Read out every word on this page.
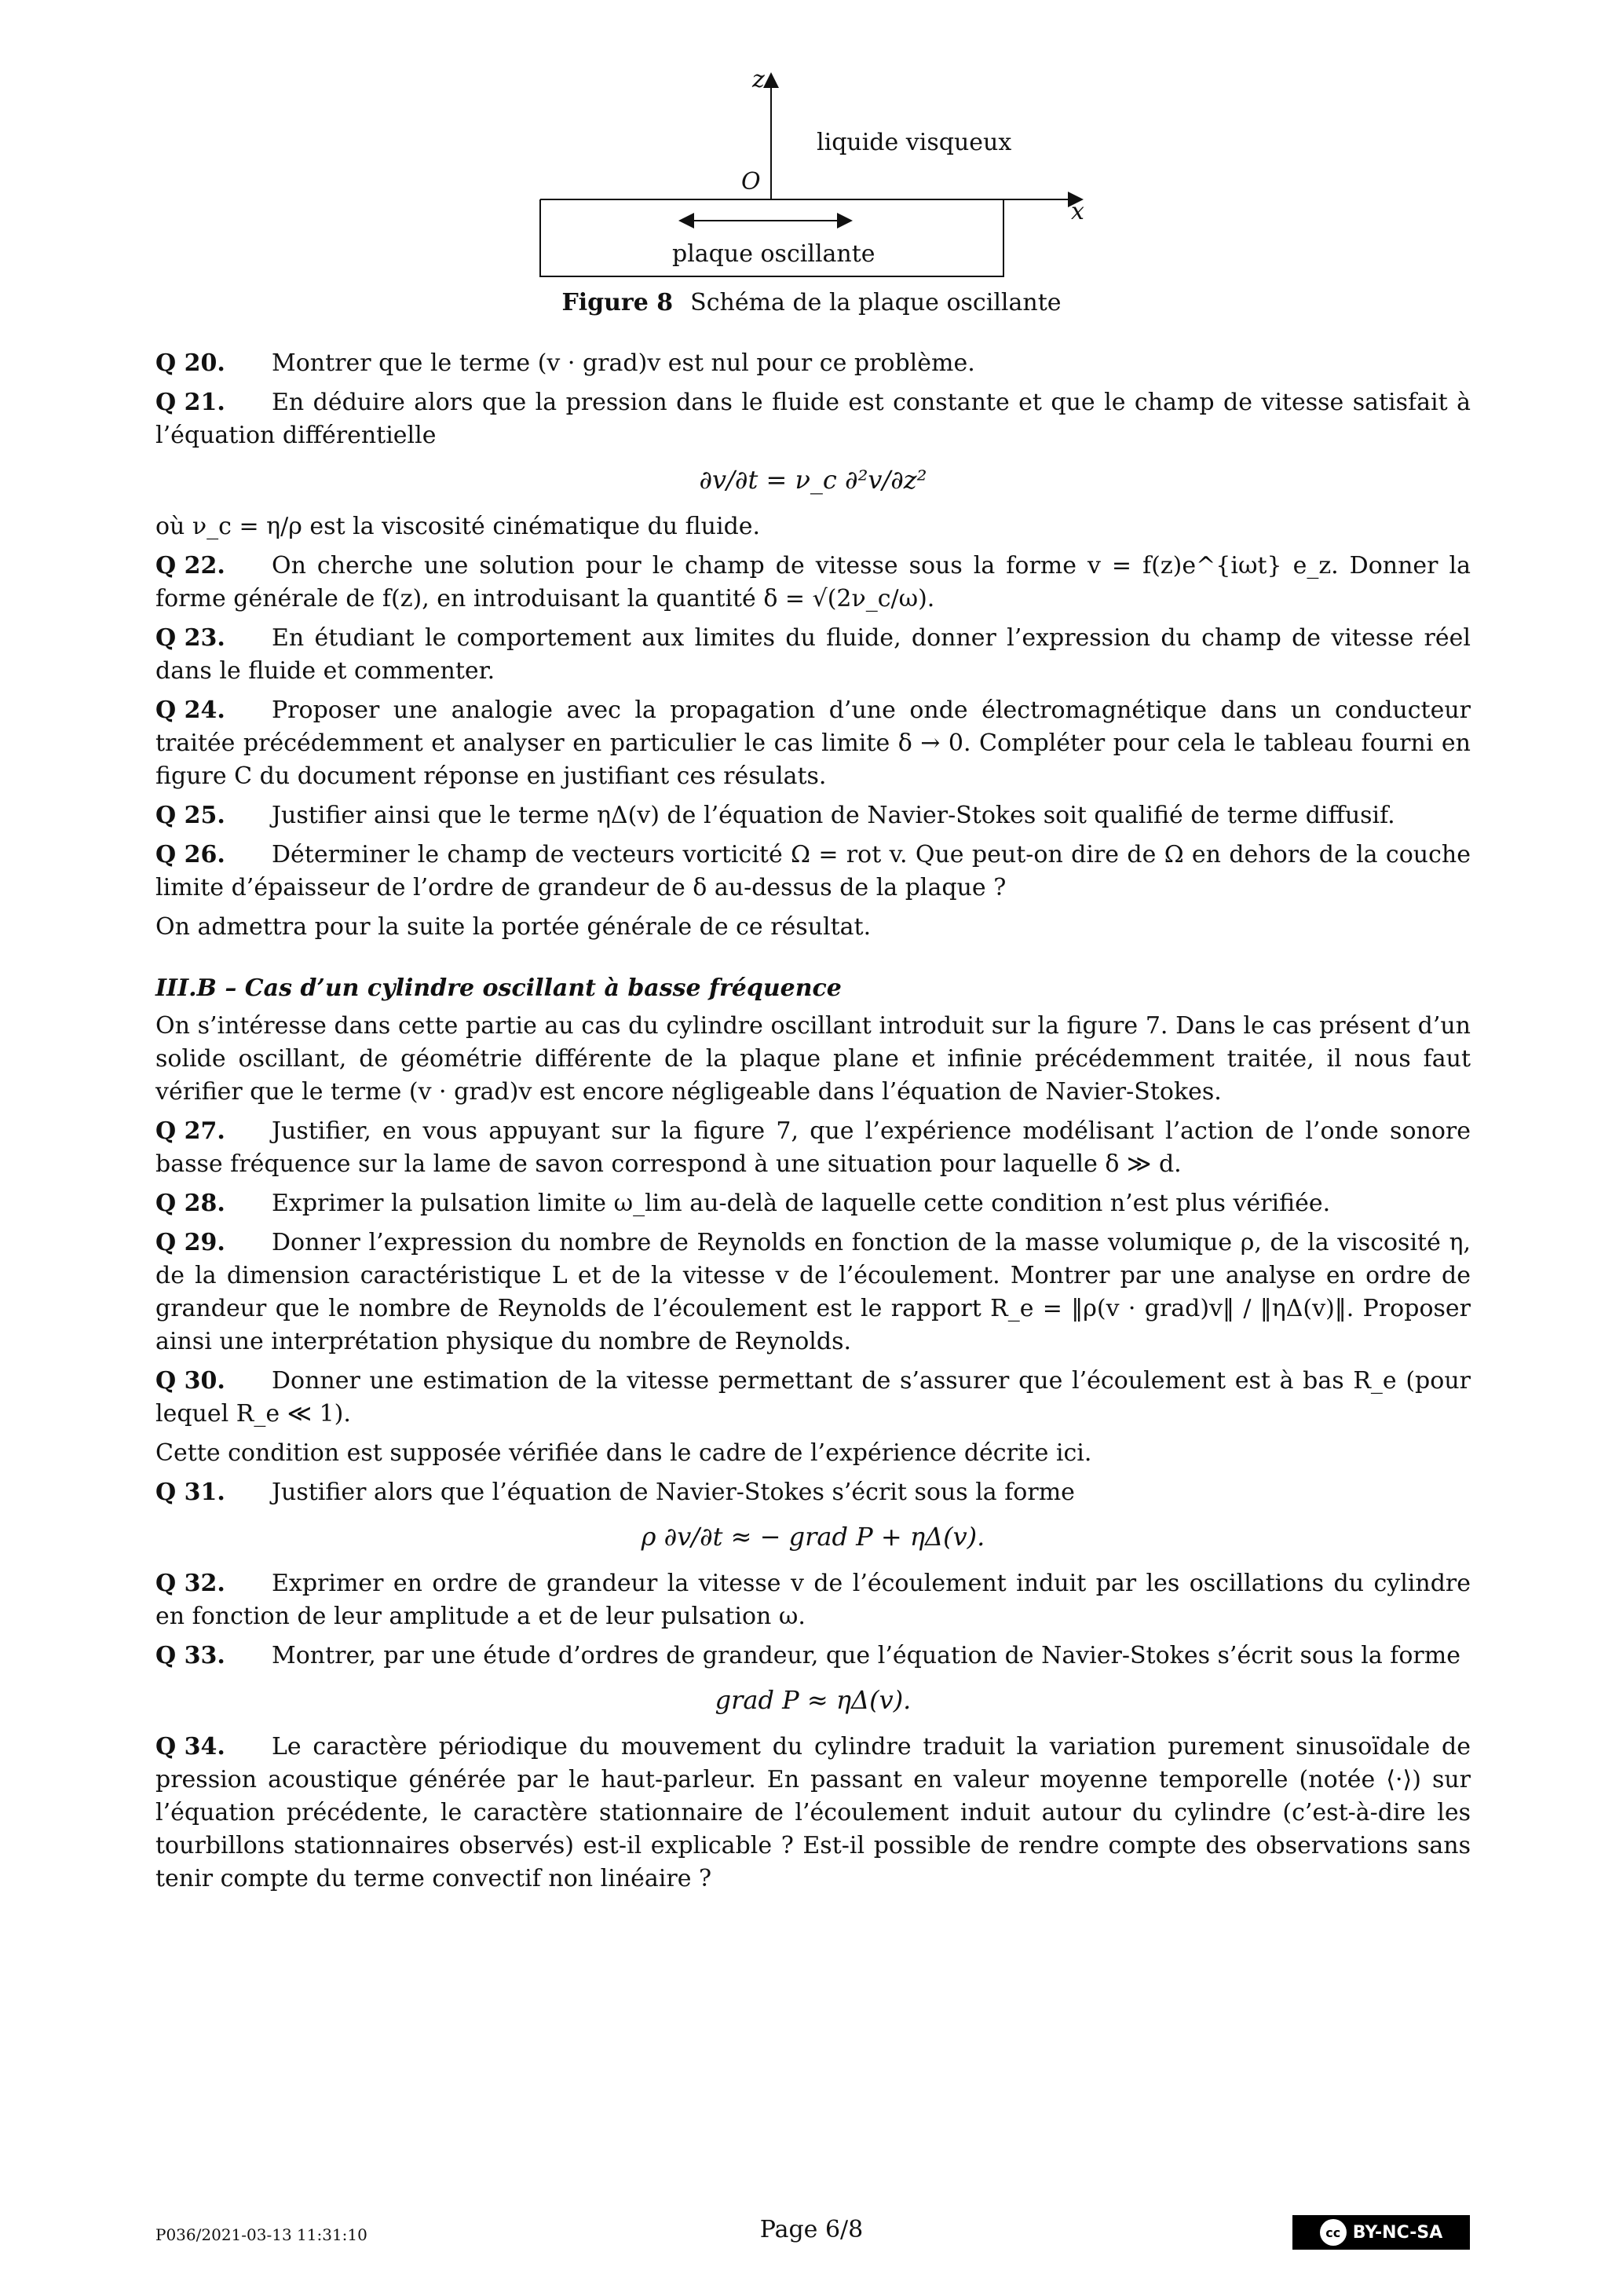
z
O
x
liquide visqueux
plaque oscillante
Figure 8 Schéma de la plaque oscillante
Q 20. Montrer que le terme (v · grad)v est nul pour ce problème.
Q 21. En déduire alors que la pression dans le fluide est constante et que le champ de vitesse satisfait à l’équation différentielle
∂v/∂t = ν_c ∂²v/∂z²
où ν_c = η/ρ est la viscosité cinématique du fluide.
Q 22. On cherche une solution pour le champ de vitesse sous la forme v = f(z)e^{iωt} e_z. Donner la forme générale de f(z), en introduisant la quantité δ = √(2ν_c/ω).
Q 23. En étudiant le comportement aux limites du fluide, donner l’expression du champ de vitesse réel dans le fluide et commenter.
Q 24. Proposer une analogie avec la propagation d’une onde électromagnétique dans un conducteur traitée précédemment et analyser en particulier le cas limite δ → 0. Compléter pour cela le tableau fourni en figure C du document réponse en justifiant ces résulats.
Q 25. Justifier ainsi que le terme ηΔ(v) de l’équation de Navier-Stokes soit qualifié de terme diffusif.
Q 26. Déterminer le champ de vecteurs vorticité Ω = rot v. Que peut-on dire de Ω en dehors de la couche limite d’épaisseur de l’ordre de grandeur de δ au-dessus de la plaque ?
On admettra pour la suite la portée générale de ce résultat.
III.B – Cas d’un cylindre oscillant à basse fréquence
On s’intéresse dans cette partie au cas du cylindre oscillant introduit sur la figure 7. Dans le cas présent d’un solide oscillant, de géométrie différente de la plaque plane et infinie précédemment traitée, il nous faut vérifier que le terme (v · grad)v est encore négligeable dans l’équation de Navier-Stokes.
Q 27. Justifier, en vous appuyant sur la figure 7, que l’expérience modélisant l’action de l’onde sonore basse fréquence sur la lame de savon correspond à une situation pour laquelle δ ≫ d.
Q 28. Exprimer la pulsation limite ω_lim au-delà de laquelle cette condition n’est plus vérifiée.
Q 29. Donner l’expression du nombre de Reynolds en fonction de la masse volumique ρ, de la viscosité η, de la dimension caractéristique L et de la vitesse v de l’écoulement. Montrer par une analyse en ordre de grandeur que le nombre de Reynolds de l’écoulement est le rapport R_e = ‖ρ(v · grad)v‖ / ‖ηΔ(v)‖. Proposer ainsi une interprétation physique du nombre de Reynolds.
Q 30. Donner une estimation de la vitesse permettant de s’assurer que l’écoulement est à bas R_e (pour lequel R_e ≪ 1).
Cette condition est supposée vérifiée dans le cadre de l’expérience décrite ici.
Q 31. Justifier alors que l’équation de Navier-Stokes s’écrit sous la forme
ρ ∂v/∂t ≈ − grad P + ηΔ(v).
Q 32. Exprimer en ordre de grandeur la vitesse v de l’écoulement induit par les oscillations du cylindre en fonction de leur amplitude a et de leur pulsation ω.
Q 33. Montrer, par une étude d’ordres de grandeur, que l’équation de Navier-Stokes s’écrit sous la forme
grad P ≈ ηΔ(v).
Q 34. Le caractère périodique du mouvement du cylindre traduit la variation purement sinusoïdale de pression acoustique générée par le haut-parleur. En passant en valeur moyenne temporelle (notée ⟨·⟩) sur l’équation précédente, le caractère stationnaire de l’écoulement induit autour du cylindre (c’est-à-dire les tourbillons stationnaires observés) est-il explicable ? Est-il possible de rendre compte des observations sans tenir compte du terme convectif non linéaire ?
P036/2021-03-13 11:31:10	Page 6/8	cc BY-NC-SA
